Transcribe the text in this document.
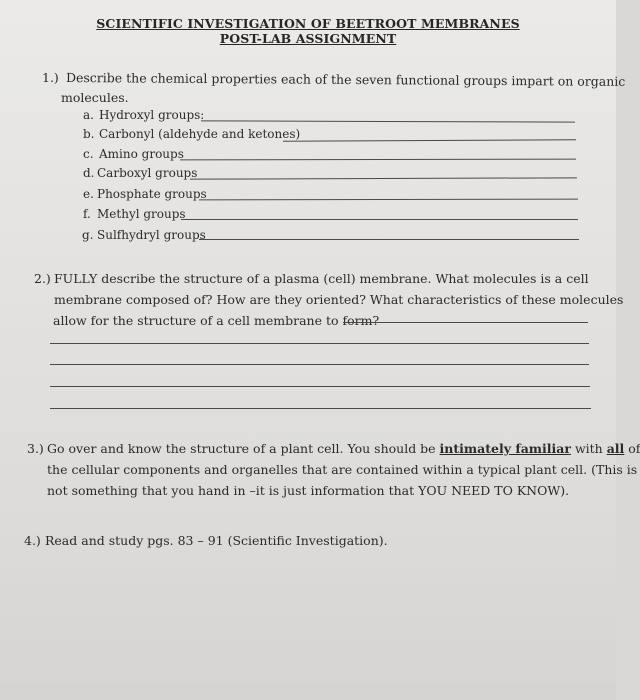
SCIENTIFIC INVESTIGATION OF BEETROOT MEMBRANES
POST-LAB ASSIGNMENT
1.) Describe the chemical properties each of the seven functional groups impart on organic
molecules.
a. Hydroxyl groups:
b. Carbonyl (aldehyde and ketones)
c. Amino groups
d. Carboxyl groups
e. Phosphate groups
f. Methyl groups
g. Sulfhydryl groups
2.) FULLY describe the structure of a plasma (cell) membrane. What molecules is a cell
membrane composed of? How are they oriented? What characteristics of these molecules
allow for the structure of a cell membrane to form?
3.) Go over and know the structure of a plant cell. You should be intimately familiar with all of
the cellular components and organelles that are contained within a typical plant cell. (This is
not something that you hand in –it is just information that YOU NEED TO KNOW).
4.) Read and study pgs. 83 – 91 (Scientific Investigation).
